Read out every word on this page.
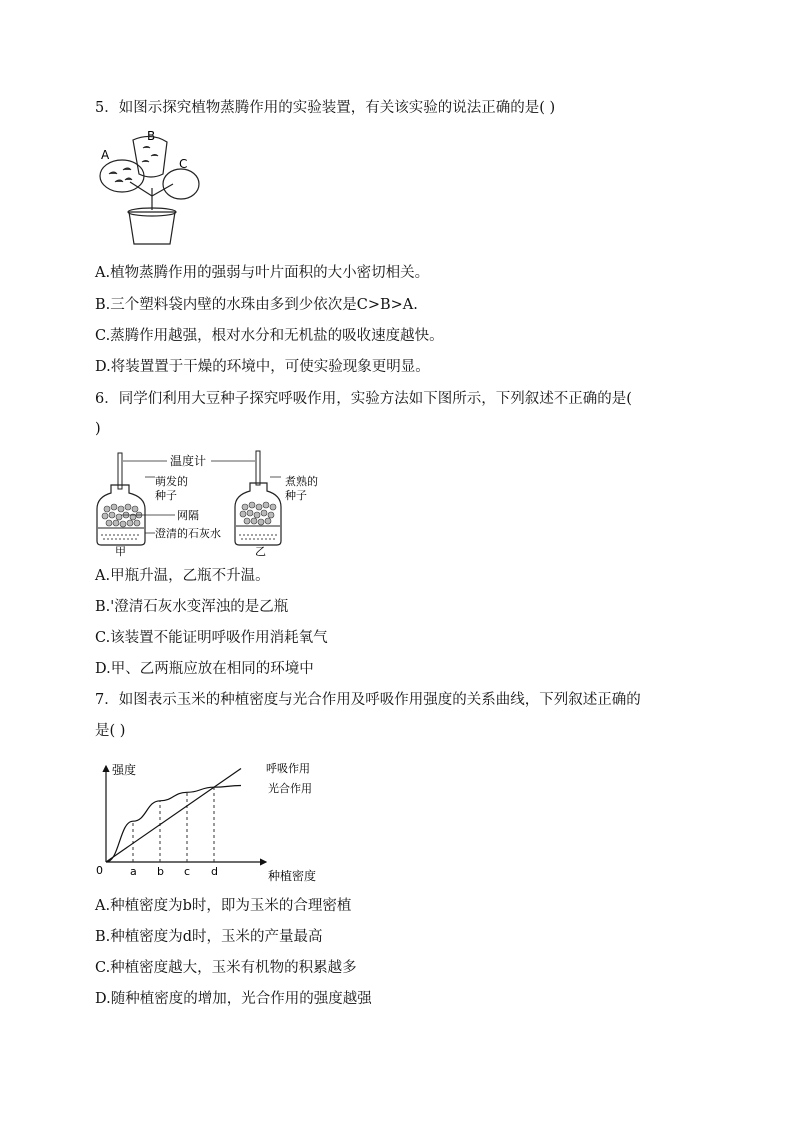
5．如图示探究植物蒸腾作用的实验装置，有关该实验的说法正确的是( )
A
B
C
A.植物蒸腾作用的强弱与叶片面积的大小密切相关。
B.三个塑料袋内壁的水珠由多到少依次是C>B>A.
C.蒸腾作用越强，根对水分和无机盐的吸收速度越快。
D.将装置置于干燥的环境中，可使实验现象更明显。
6．同学们利用大豆种子探究呼吸作用，实验方法如下图所示，下列叙述不正确的是(
)
温度计
萌发的
种子
煮熟的
种子
网隔
澄清的石灰水
甲	乙
A.甲瓶升温，乙瓶不升温。
B.'澄清石灰水变浑浊的是乙瓶
C.该装置不能证明呼吸作用消耗氧气
D.甲、乙两瓶应放在相同的环境中
7．如图表示玉米的种植密度与光合作用及呼吸作用强度的关系曲线，下列叙述正确的
是( )
强度
种植密度
0 a b c d
呼吸作用
光合作用
A.种植密度为b时，即为玉米的合理密植
B.种植密度为d时，玉米的产量最高
C.种植密度越大，玉米有机物的积累越多
D.随种植密度的增加，光合作用的强度越强
